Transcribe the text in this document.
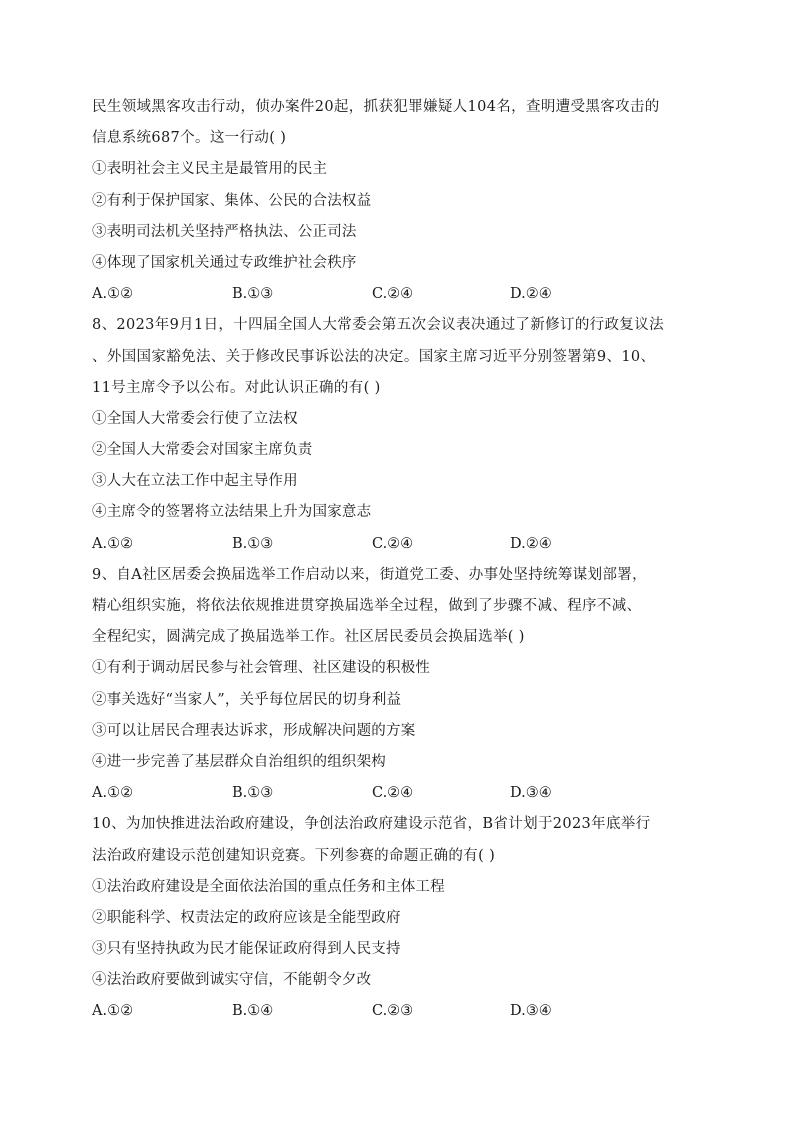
民生领域黑客攻击行动，侦办案件20起，抓获犯罪嫌疑人104名，查明遭受黑客攻击的
信息系统687个。这一行动( )
①表明社会主义民主是最管用的民主
②有利于保护国家、集体、公民的合法权益
③表明司法机关坚持严格执法、公正司法
④体现了国家机关通过专政维护社会秩序
A.①②	B.①③	C.②④	D.②④
8、2023年9月1日，十四届全国人大常委会第五次会议表决通过了新修订的行政复议法
、外国国家豁免法、关于修改民事诉讼法的决定。国家主席习近平分别签署第9、10、
11号主席令予以公布。对此认识正确的有( )
①全国人大常委会行使了立法权
②全国人大常委会对国家主席负责
③人大在立法工作中起主导作用
④主席令的签署将立法结果上升为国家意志
A.①②	B.①③	C.②④	D.②④
9、自A社区居委会换届选举工作启动以来，街道党工委、办事处坚持统筹谋划部署，
精心组织实施，将依法依规推进贯穿换届选举全过程，做到了步骤不减、程序不减、
全程纪实，圆满完成了换届选举工作。社区居民委员会换届选举( )
①有利于调动居民参与社会管理、社区建设的积极性
②事关选好“当家人”，关乎每位居民的切身利益
③可以让居民合理表达诉求，形成解决问题的方案
④进一步完善了基层群众自治组织的组织架构
A.①②	B.①③	C.②④	D.③④
10、为加快推进法治政府建设，争创法治政府建设示范省，B省计划于2023年底举行
法治政府建设示范创建知识竞赛。下列参赛的命题正确的有( )
①法治政府建设是全面依法治国的重点任务和主体工程
②职能科学、权责法定的政府应该是全能型政府
③只有坚持执政为民才能保证政府得到人民支持
④法治政府要做到诚实守信，不能朝令夕改
A.①②	B.①④	C.②③	D.③④
